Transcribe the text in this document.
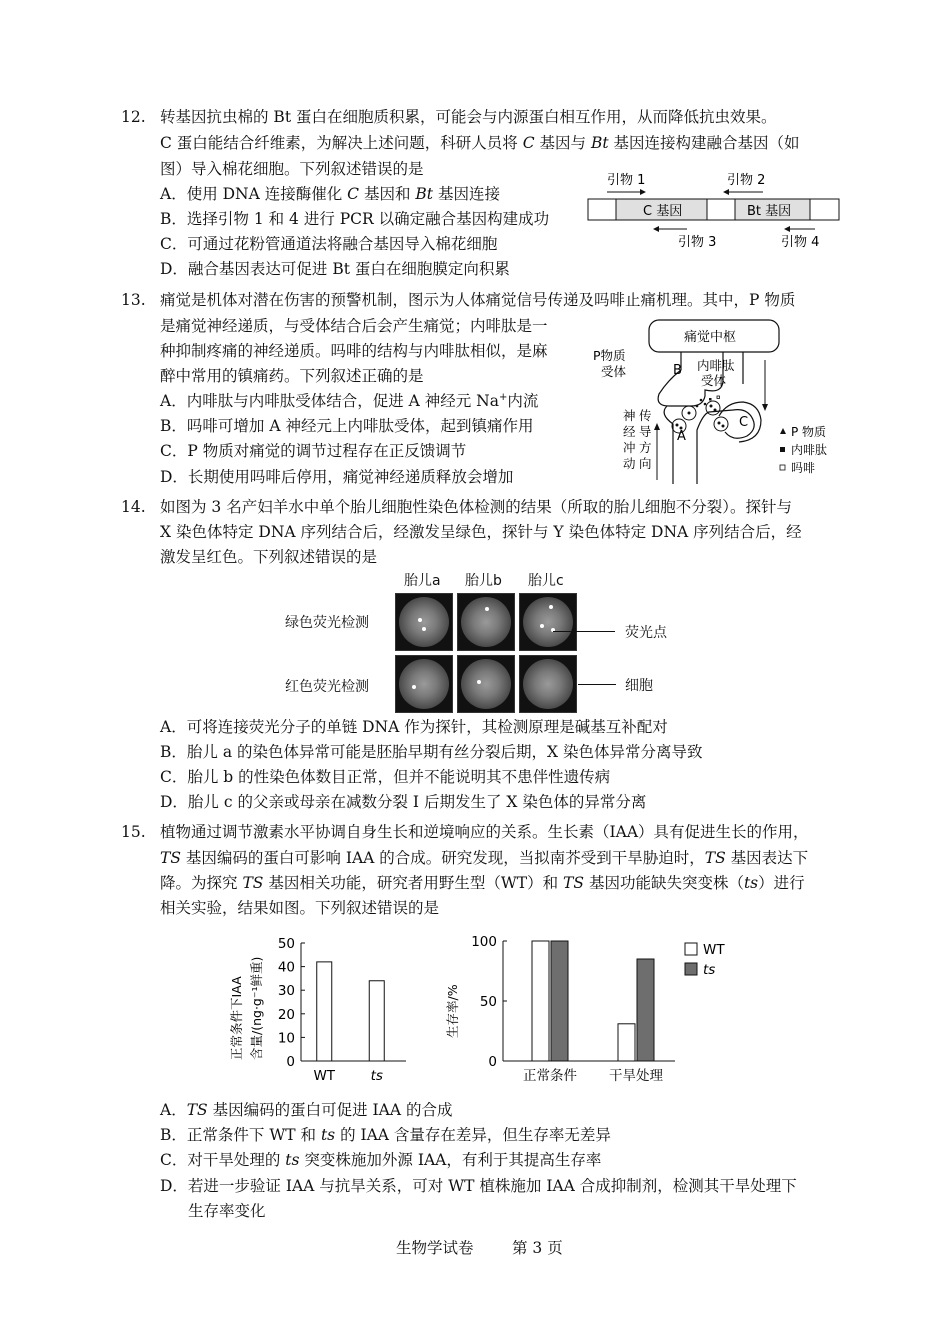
12. 转基因抗虫棉的 Bt 蛋白在细胞质积累，可能会与内源蛋白相互作用，从而降低抗虫效果。
C 蛋白能结合纤维素，为解决上述问题，科研人员将 C 基因与 Bt 基因连接构建融合基因（如
图）导入棉花细胞。下列叙述错误的是
A．使用 DNA 连接酶催化 C 基因和 Bt 基因连接
B．选择引物 1 和 4 进行 PCR 以确定融合基因构建成功
C．可通过花粉管通道法将融合基因导入棉花细胞
D．融合基因表达可促进 Bt 蛋白在细胞膜定向积累
引物 1	引物 2
C 基因	Bt 基因
引物 3	引物 4
13. 痛觉是机体对潜在伤害的预警机制，图示为人体痛觉信号传递及吗啡止痛机理。其中，P 物质
是痛觉神经递质，与受体结合后会产生痛觉；内啡肽是一
种抑制疼痛的神经递质。吗啡的结构与内啡肽相似，是麻
醉中常用的镇痛药。下列叙述正确的是
A．内啡肽与内啡肽受体结合，促进 A 神经元 Na+内流
B．吗啡可增加 A 神经元上内啡肽受体，起到镇痛作用
C．P 物质对痛觉的调节过程存在正反馈调节
D．长期使用吗啡后停用，痛觉神经递质释放会增加
痛觉中枢
B
A
C
P物质
受体	内啡肽
受体
神
经
冲
动
传
导
方
向
P 物质
内啡肽
吗啡
14. 如图为 3 名产妇羊水中单个胎儿细胞性染色体检测的结果（所取的胎儿细胞不分裂）。探针与
X 染色体特定 DNA 序列结合后，经激发呈绿色，探针与 Y 染色体特定 DNA 序列结合后，经
激发呈红色。下列叙述错误的是
胎儿a 胎儿b 胎儿c
绿色荧光检测
红色荧光检测
荧光点
细胞
A．可将连接荧光分子的单链 DNA 作为探针，其检测原理是碱基互补配对
B．胎儿 a 的染色体异常可能是胚胎早期有丝分裂后期，X 染色体异常分离导致
C．胎儿 b 的性染色体数目正常，但并不能说明其不患伴性遗传病
D．胎儿 c 的父亲或母亲在减数分裂 I 后期发生了 X 染色体的异常分离
15. 植物通过调节激素水平协调自身生长和逆境响应的关系。生长素（IAA）具有促进生长的作用，
TS 基因编码的蛋白可影响 IAA 的合成。研究发现，当拟南芥受到干旱胁迫时，TS 基因表达下
降。为探究 TS 基因相关功能，研究者用野生型（WT）和 TS 基因功能缺失突变株（ts）进行
相关实验，结果如图。下列叙述错误的是
正常条件下IAA 含量/(ng·g⁻¹鲜重)
0
10
20
30
40
50
WT	ts
生存率/%
0
50
100
正常条件 干旱处理
WT
ts
A．TS 基因编码的蛋白可促进 IAA 的合成
B．正常条件下 WT 和 ts 的 IAA 含量存在差异，但生存率无差异
C．对干旱处理的 ts 突变株施加外源 IAA，有利于其提高生存率
D．若进一步验证 IAA 与抗旱关系，可对 WT 植株施加 IAA 合成抑制剂，检测其干旱处理下
生存率变化
生物学试卷 第 3 页
